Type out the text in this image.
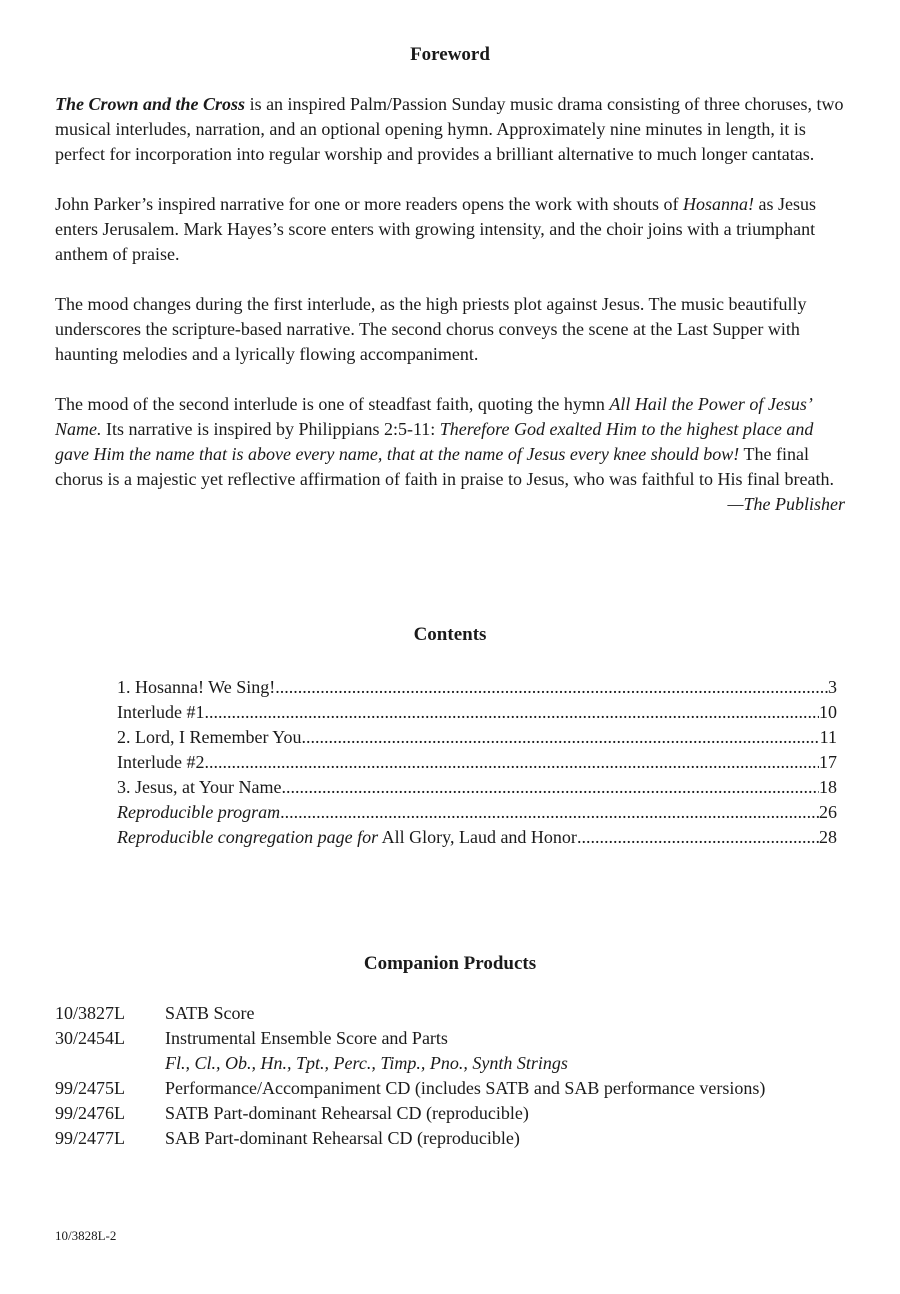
Foreword

The Crown and the Cross is an inspired Palm/Passion Sunday music drama consisting of three choruses, two musical interludes, narration, and an optional opening hymn. Approximately nine minutes in length, it is perfect for incorporation into regular worship and provides a brilliant alternative to much longer cantatas.

John Parker’s inspired narrative for one or more readers opens the work with shouts of Hosanna! as Jesus enters Jerusalem. Mark Hayes’s score enters with growing intensity, and the choir joins with a triumphant anthem of praise.

The mood changes during the first interlude, as the high priests plot against Jesus. The music beautifully underscores the scripture-based narrative. The second chorus conveys the scene at the Last Supper with haunting melodies and a lyrically flowing accompaniment.

The mood of the second interlude is one of steadfast faith, quoting the hymn All Hail the Power of Jesus’ Name. Its narrative is inspired by Philippians 2:5-11: Therefore God exalted Him to the highest place and gave Him the name that is above every name, that at the name of Jesus every knee should bow! The final chorus is a majestic yet reflective affirmation of faith in praise to Jesus, who was faithful to His final breath.

—The Publisher
Contents
1. Hosanna! We Sing! .....	3
Interlude #1 .....	10
2. Lord, I Remember You .....	11
Interlude #2 .....	17
3. Jesus, at Your Name .....	18
Reproducible program .....	26
Reproducible congregation page for All Glory, Laud and Honor .....	28
Companion Products
10/3827L	SATB Score
30/2454L	Instrumental Ensemble Score and Parts
Fl., Cl., Ob., Hn., Tpt., Perc., Timp., Pno., Synth Strings
99/2475L	Performance/Accompaniment CD (includes SATB and SAB performance versions)
99/2476L	SATB Part-dominant Rehearsal CD (reproducible)
99/2477L	SAB Part-dominant Rehearsal CD (reproducible)
10/3828L-2
